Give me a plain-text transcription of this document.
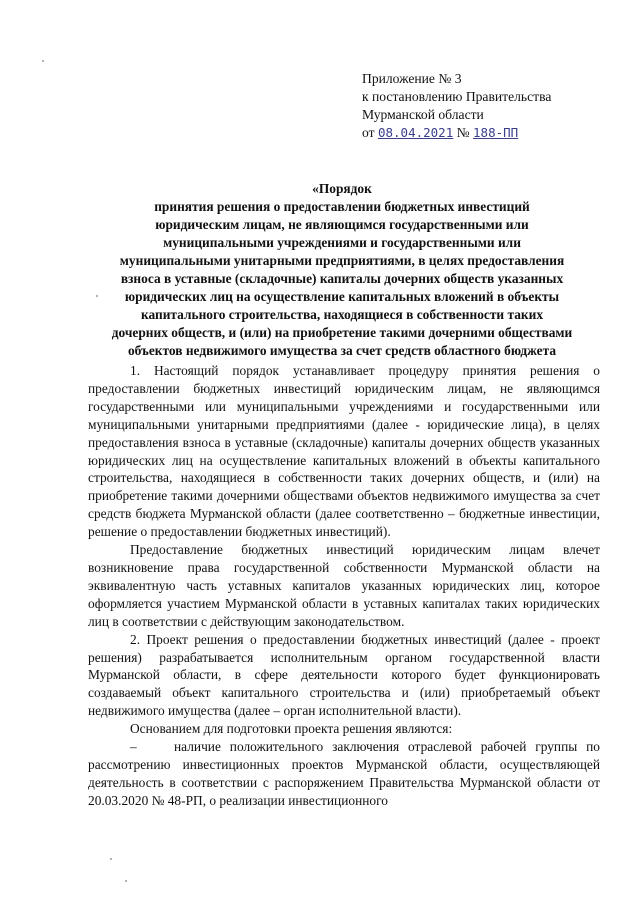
Приложение № 3
к постановлению Правительства
Мурманской области
от 08.04.2021 № 188-ПП
«Порядок
принятия решения о предоставлении бюджетных инвестиций
юридическим лицам, не являющимся государственными или
муниципальными учреждениями и государственными или
муниципальными унитарными предприятиями, в целях предоставления
взноса в уставные (складочные) капиталы дочерних обществ указанных
юридических лиц на осуществление капитальных вложений в объекты
капитального строительства, находящиеся в собственности таких
дочерних обществ, и (или) на приобретение такими дочерними обществами
объектов недвижимого имущества за счет средств областного бюджета

1. Настоящий порядок устанавливает процедуру принятия решения о предоставлении бюджетных инвестиций юридическим лицам, не являющимся государственными или муниципальными учреждениями и государственными или муниципальными унитарными предприятиями (далее - юридические лица), в целях предоставления взноса в уставные (складочные) капиталы дочерних обществ указанных юридических лиц на осуществление капитальных вложений в объекты капитального строительства, находящиеся в собственности таких дочерних обществ, и (или) на приобретение такими дочерними обществами объектов недвижимого имущества за счет средств бюджета Мурманской области (далее соответственно – бюджетные инвестиции, решение о предоставлении бюджетных инвестиций).

Предоставление бюджетных инвестиций юридическим лицам влечет возникновение права государственной собственности Мурманской области на эквивалентную часть уставных капиталов указанных юридических лиц, которое оформляется участием Мурманской области в уставных капиталах таких юридических лиц в соответствии с действующим законодательством.

2. Проект решения о предоставлении бюджетных инвестиций (далее - проект решения) разрабатывается исполнительным органом государственной власти Мурманской области, в сфере деятельности которого будет функционировать создаваемый объект капитального строительства и (или) приобретаемый объект недвижимого имущества (далее – орган исполнительной власти).

Основанием для подготовки проекта решения являются:

–	наличие положительного заключения отраслевой рабочей группы по рассмотрению инвестиционных проектов Мурманской области, осуществляющей деятельность в соответствии с распоряжением Правительства Мурманской области от 20.03.2020 № 48-РП, о реализации инвестиционного
